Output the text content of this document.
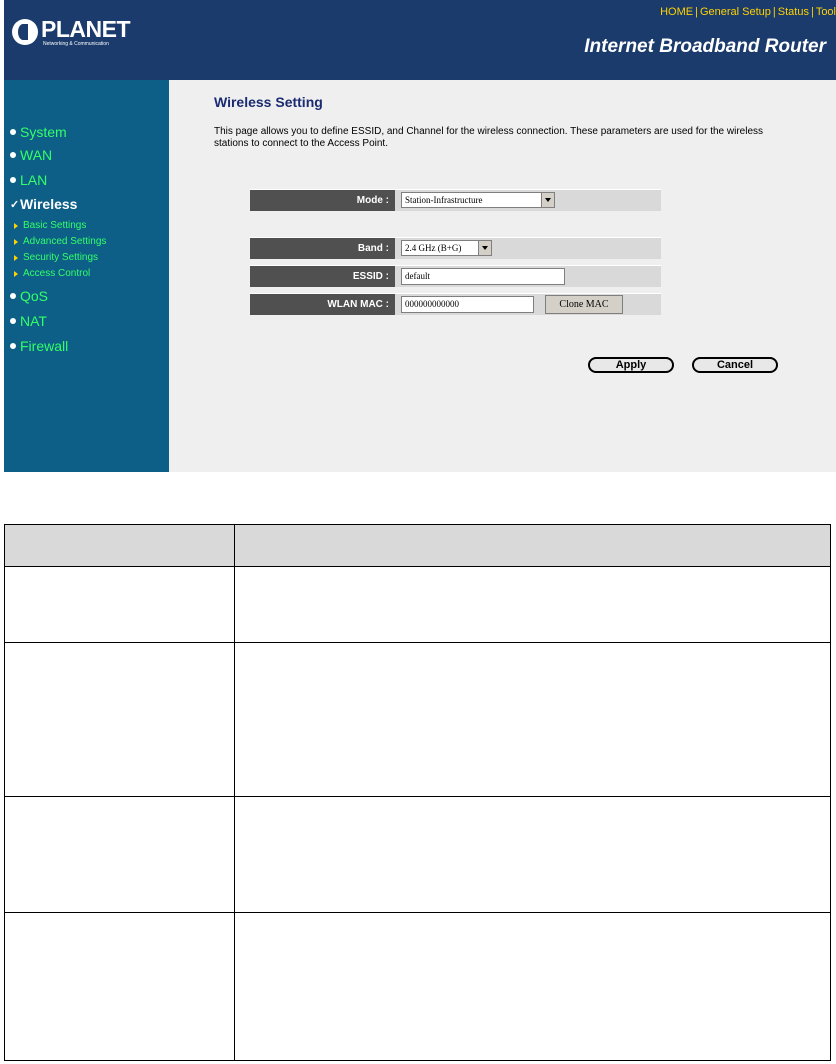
PLANET
Networking & Communication
HOME | General Setup | Status | Tool
Internet Broadband Router
System
WAN
LAN
✓ Wireless
Basic Settings
Advanced Settings
Security Settings
Access Control
QoS
NAT
Firewall
Wireless Setting
This page allows you to define ESSID, and Channel for the wireless connection. These parameters are used for the wireless stations to connect to the Access Point.
Mode :	Station-Infrastructure
Band :	2.4 GHz (B+G)
ESSID :	default
WLAN MAC :	000000000000	Clone MAC
Apply	Cancel
